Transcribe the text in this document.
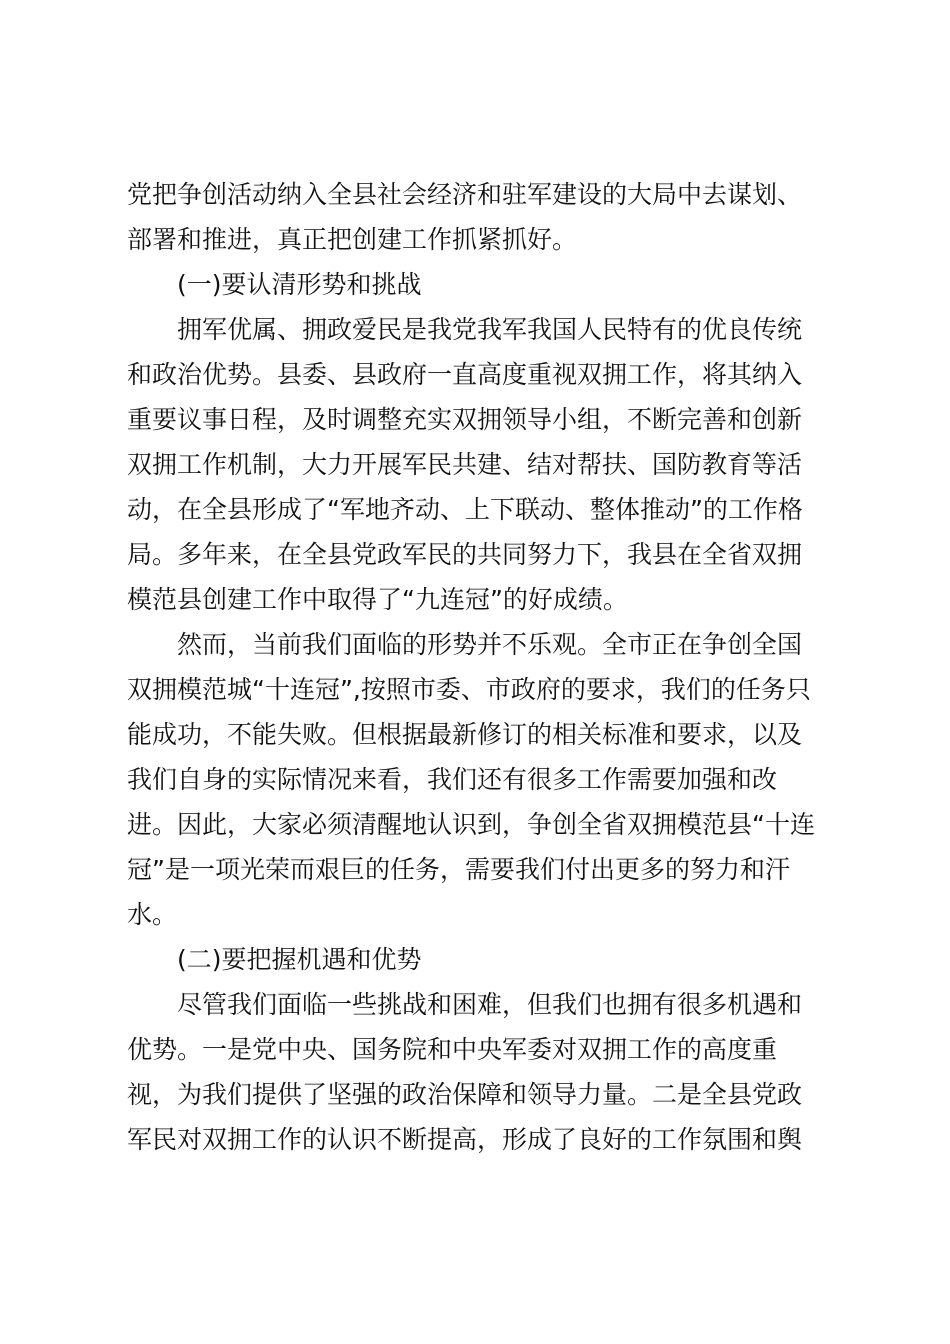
党把争创活动纳入全县社会经济和驻军建设的大局中去谋划、
部署和推进，真正把创建工作抓紧抓好。
(一)要认清形势和挑战
拥军优属、拥政爱民是我党我军我国人民特有的优良传统
和政治优势。县委、县政府一直高度重视双拥工作，将其纳入
重要议事日程，及时调整充实双拥领导小组，不断完善和创新
双拥工作机制，大力开展军民共建、结对帮扶、国防教育等活
动，在全县形成了“军地齐动、上下联动、整体推动”的工作格
局。多年来，在全县党政军民的共同努力下，我县在全省双拥
模范县创建工作中取得了“九连冠”的好成绩。
然而，当前我们面临的形势并不乐观。全市正在争创全国
双拥模范城“十连冠”,按照市委、市政府的要求，我们的任务只
能成功，不能失败。但根据最新修订的相关标准和要求，以及
我们自身的实际情况来看，我们还有很多工作需要加强和改
进。因此，大家必须清醒地认识到，争创全省双拥模范县“十连
冠”是一项光荣而艰巨的任务，需要我们付出更多的努力和汗
水。
(二)要把握机遇和优势
尽管我们面临一些挑战和困难，但我们也拥有很多机遇和
优势。一是党中央、国务院和中央军委对双拥工作的高度重
视，为我们提供了坚强的政治保障和领导力量。二是全县党政
军民对双拥工作的认识不断提高，形成了良好的工作氛围和舆
